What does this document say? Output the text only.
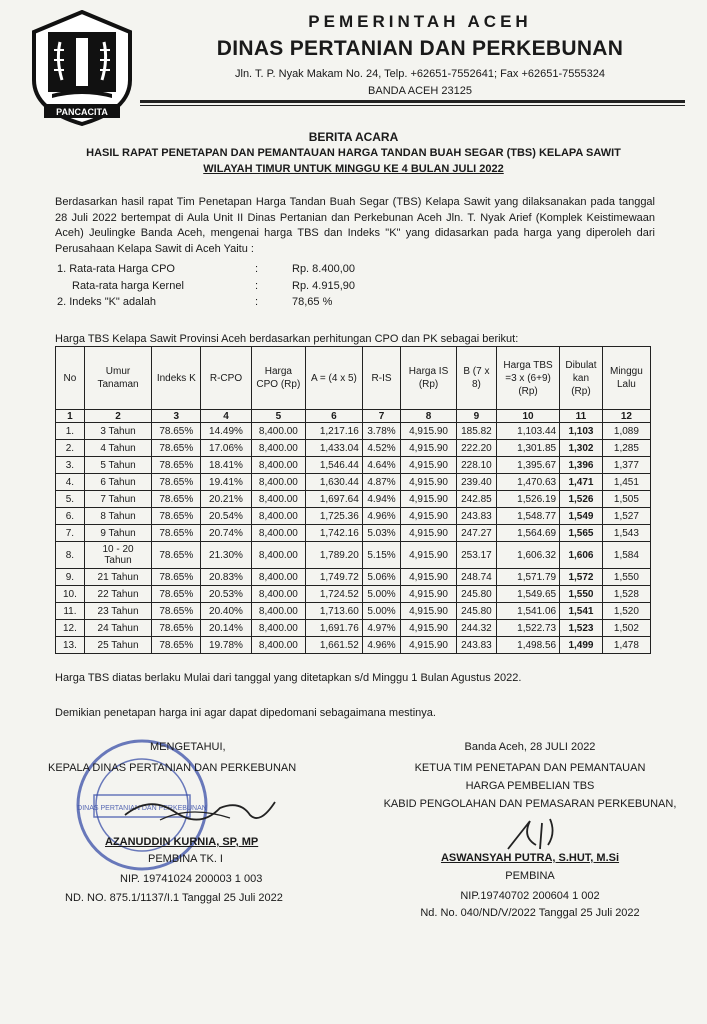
PANCACITA
PEMERINTAH ACEH
DINAS PERTANIAN DAN PERKEBUNAN
Jln. T. P. Nyak Makam No. 24, Telp. +62651-7552641; Fax +62651-7555324
BANDA ACEH 23125
BERITA ACARA
HASIL RAPAT PENETAPAN DAN PEMANTAUAN HARGA TANDAN BUAH SEGAR (TBS) KELAPA SAWIT
WILAYAH TIMUR UNTUK MINGGU KE 4 BULAN JULI 2022
Berdasarkan hasil rapat Tim Penetapan Harga Tandan Buah Segar (TBS) Kelapa Sawit yang dilaksanakan pada tanggal 28 Juli 2022 bertempat di Aula Unit II Dinas Pertanian dan Perkebunan Aceh Jln. T. Nyak Arief (Komplek Keistimewaan Aceh) Jeulingke Banda Aceh, mengenai harga TBS dan Indeks "K" yang didasarkan pada harga yang diperoleh dari Perusahaan Kelapa Sawit di Aceh Yaitu :
1. Rata-rata Harga CPO	:	Rp. 8.400,00
Rata-rata harga Kernel	:	Rp. 4.915,90
2. Indeks "K" adalah	:	78,65 %
Harga TBS Kelapa Sawit Provinsi Aceh berdasarkan perhitungan CPO dan PK sebagai berikut:
No	Umur Tanaman	Indeks K	R-CPO	Harga CPO (Rp)	A = (4 x 5)	R-IS	Harga IS (Rp)	B (7 x 8)	Harga TBS =3 x (6+9) (Rp)	Dibulat kan (Rp)	Minggu Lalu
1	2	3	4	5	6	7	8	9	10	11	12
1.	3 Tahun	78.65%	14.49%	8,400.00	1,217.16	3.78%	4,915.90	185.82	1,103.44	1,103	1,089
2.	4 Tahun	78.65%	17.06%	8,400.00	1,433.04	4.52%	4,915.90	222.20	1,301.85	1,302	1,285
3.	5 Tahun	78.65%	18.41%	8,400.00	1,546.44	4.64%	4,915.90	228.10	1,395.67	1,396	1,377
4.	6 Tahun	78.65%	19.41%	8,400.00	1,630.44	4.87%	4,915.90	239.40	1,470.63	1,471	1,451
5.	7 Tahun	78.65%	20.21%	8,400.00	1,697.64	4.94%	4,915.90	242.85	1,526.19	1,526	1,505
6.	8 Tahun	78.65%	20.54%	8,400.00	1,725.36	4.96%	4,915.90	243.83	1,548.77	1,549	1,527
7.	9 Tahun	78.65%	20.74%	8,400.00	1,742.16	5.03%	4,915.90	247.27	1,564.69	1,565	1,543
8.	10 - 20 Tahun	78.65%	21.30%	8,400.00	1,789.20	5.15%	4,915.90	253.17	1,606.32	1,606	1,584
9.	21 Tahun	78.65%	20.83%	8,400.00	1,749.72	5.06%	4,915.90	248.74	1,571.79	1,572	1,550
10.	22 Tahun	78.65%	20.53%	8,400.00	1,724.52	5.00%	4,915.90	245.80	1,549.65	1,550	1,528
11.	23 Tahun	78.65%	20.40%	8,400.00	1,713.60	5.00%	4,915.90	245.80	1,541.06	1,541	1,520
12.	24 Tahun	78.65%	20.14%	8,400.00	1,691.76	4.97%	4,915.90	244.32	1,522.73	1,523	1,502
13.	25 Tahun	78.65%	19.78%	8,400.00	1,661.52	4.96%	4,915.90	243.83	1,498.56	1,499	1,478
Harga TBS diatas berlaku Mulai dari tanggal yang ditetapkan s/d Minggu 1 Bulan Agustus 2022.
Demikian penetapan harga ini agar dapat dipedomani sebagaimana mestinya.
DINAS PERTANIAN DAN PERKEBUNAN
MENGETAHUI,
KEPALA DINAS PERTANIAN DAN PERKEBUNAN
AZANUDDIN KURNIA, SP, MP
PEMBINA TK. I
NIP. 19741024 200003 1 003
ND. NO. 875.1/1137/I.1 Tanggal 25 Juli 2022
Banda Aceh, 28 JULI 2022
KETUA TIM PENETAPAN DAN PEMANTAUAN
HARGA PEMBELIAN TBS
KABID PENGOLAHAN DAN PEMASARAN PERKEBUNAN,
ASWANSYAH PUTRA, S.HUT, M.Si
PEMBINA
NIP.19740702 200604 1 002
Nd. No. 040/ND/V/2022 Tanggal 25 Juli 2022
